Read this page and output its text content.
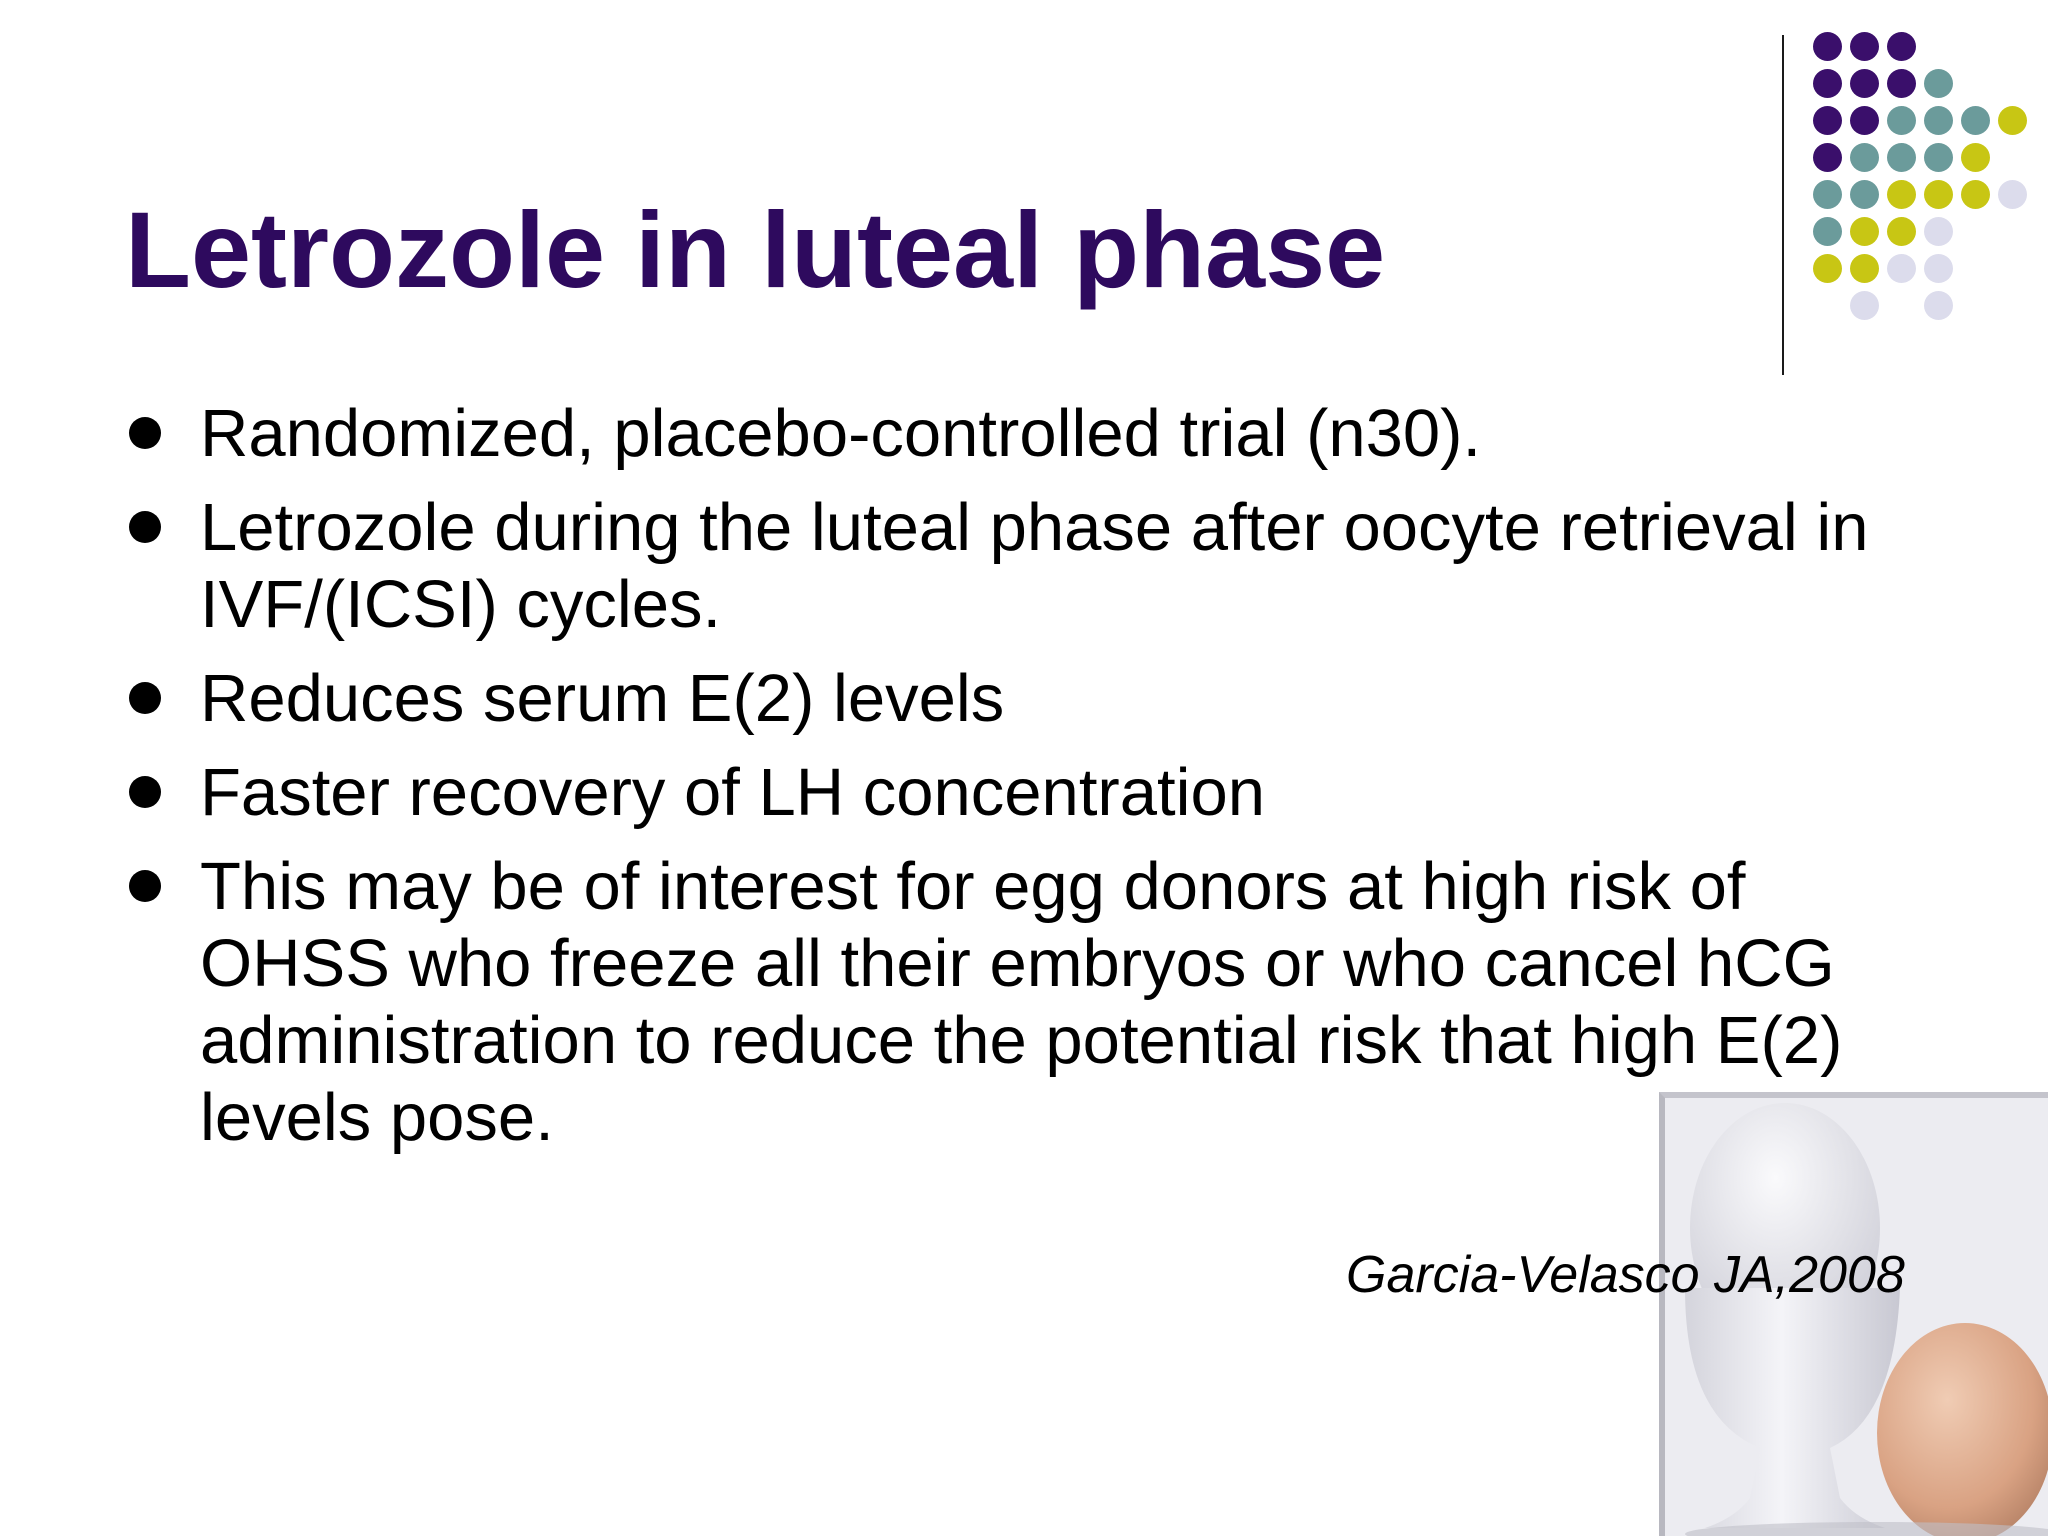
Letrozole in luteal phase
Randomized, placebo-controlled trial (n30).
Letrozole during the luteal phase after oocyte retrieval in IVF/(ICSI) cycles.
Reduces serum E(2) levels
Faster recovery of LH concentration
This may be of interest for egg donors at high risk of OHSS who freeze all their embryos or who cancel hCG administration to reduce the potential risk that high E(2) levels pose.
Garcia-Velasco JA,2008
